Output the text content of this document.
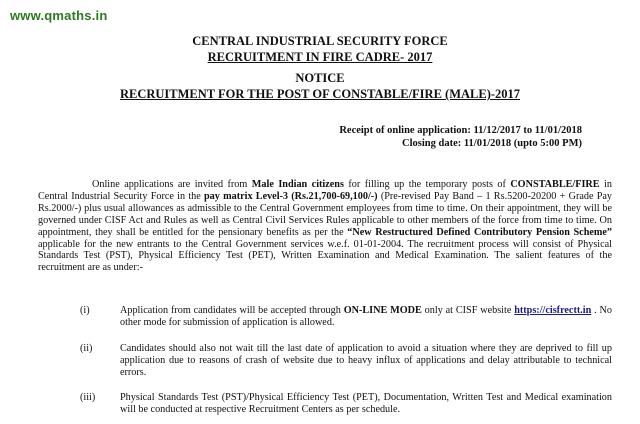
www.qmaths.in
CENTRAL INDUSTRIAL SECURITY FORCE
RECRUITMENT IN FIRE CADRE- 2017
NOTICE
RECRUITMENT FOR THE POST OF CONSTABLE/FIRE (MALE)-2017
Receipt of online application: 11/12/2017 to 11/01/2018
Closing date: 11/01/2018 (upto 5:00 PM)
Online applications are invited from Male Indian citizens for filling up the temporary posts of CONSTABLE/FIRE in Central Industrial Security Force in the pay matrix Level-3 (Rs.21,700-69,100/-) (Pre-revised Pay Band – 1 Rs.5200-20200 + Grade Pay Rs.2000/-) plus usual allowances as admissible to the Central Government employees from time to time. On their appointment, they will be governed under CISF Act and Rules as well as Central Civil Services Rules applicable to other members of the force from time to time. On appointment, they shall be entitled for the pensionary benefits as per the “New Restructured Defined Contributory Pension Scheme” applicable for the new entrants to the Central Government services w.e.f. 01-01-2004. The recruitment process will consist of Physical Standards Test (PST), Physical Efficiency Test (PET), Written Examination and Medical Examination. The salient features of the recruitment are as under:-
(i)	Application from candidates will be accepted through ON-LINE MODE only at CISF website https://cisfrectt.in . No other mode for submission of application is allowed.
(ii)	Candidates should also not wait till the last date of application to avoid a situation where they are deprived to fill up application due to reasons of crash of website due to heavy influx of applications and delay attributable to technical errors.
(iii)	Physical Standards Test (PST)/Physical Efficiency Test (PET), Documentation, Written Test and Medical examination will be conducted at respective Recruitment Centers as per schedule.
